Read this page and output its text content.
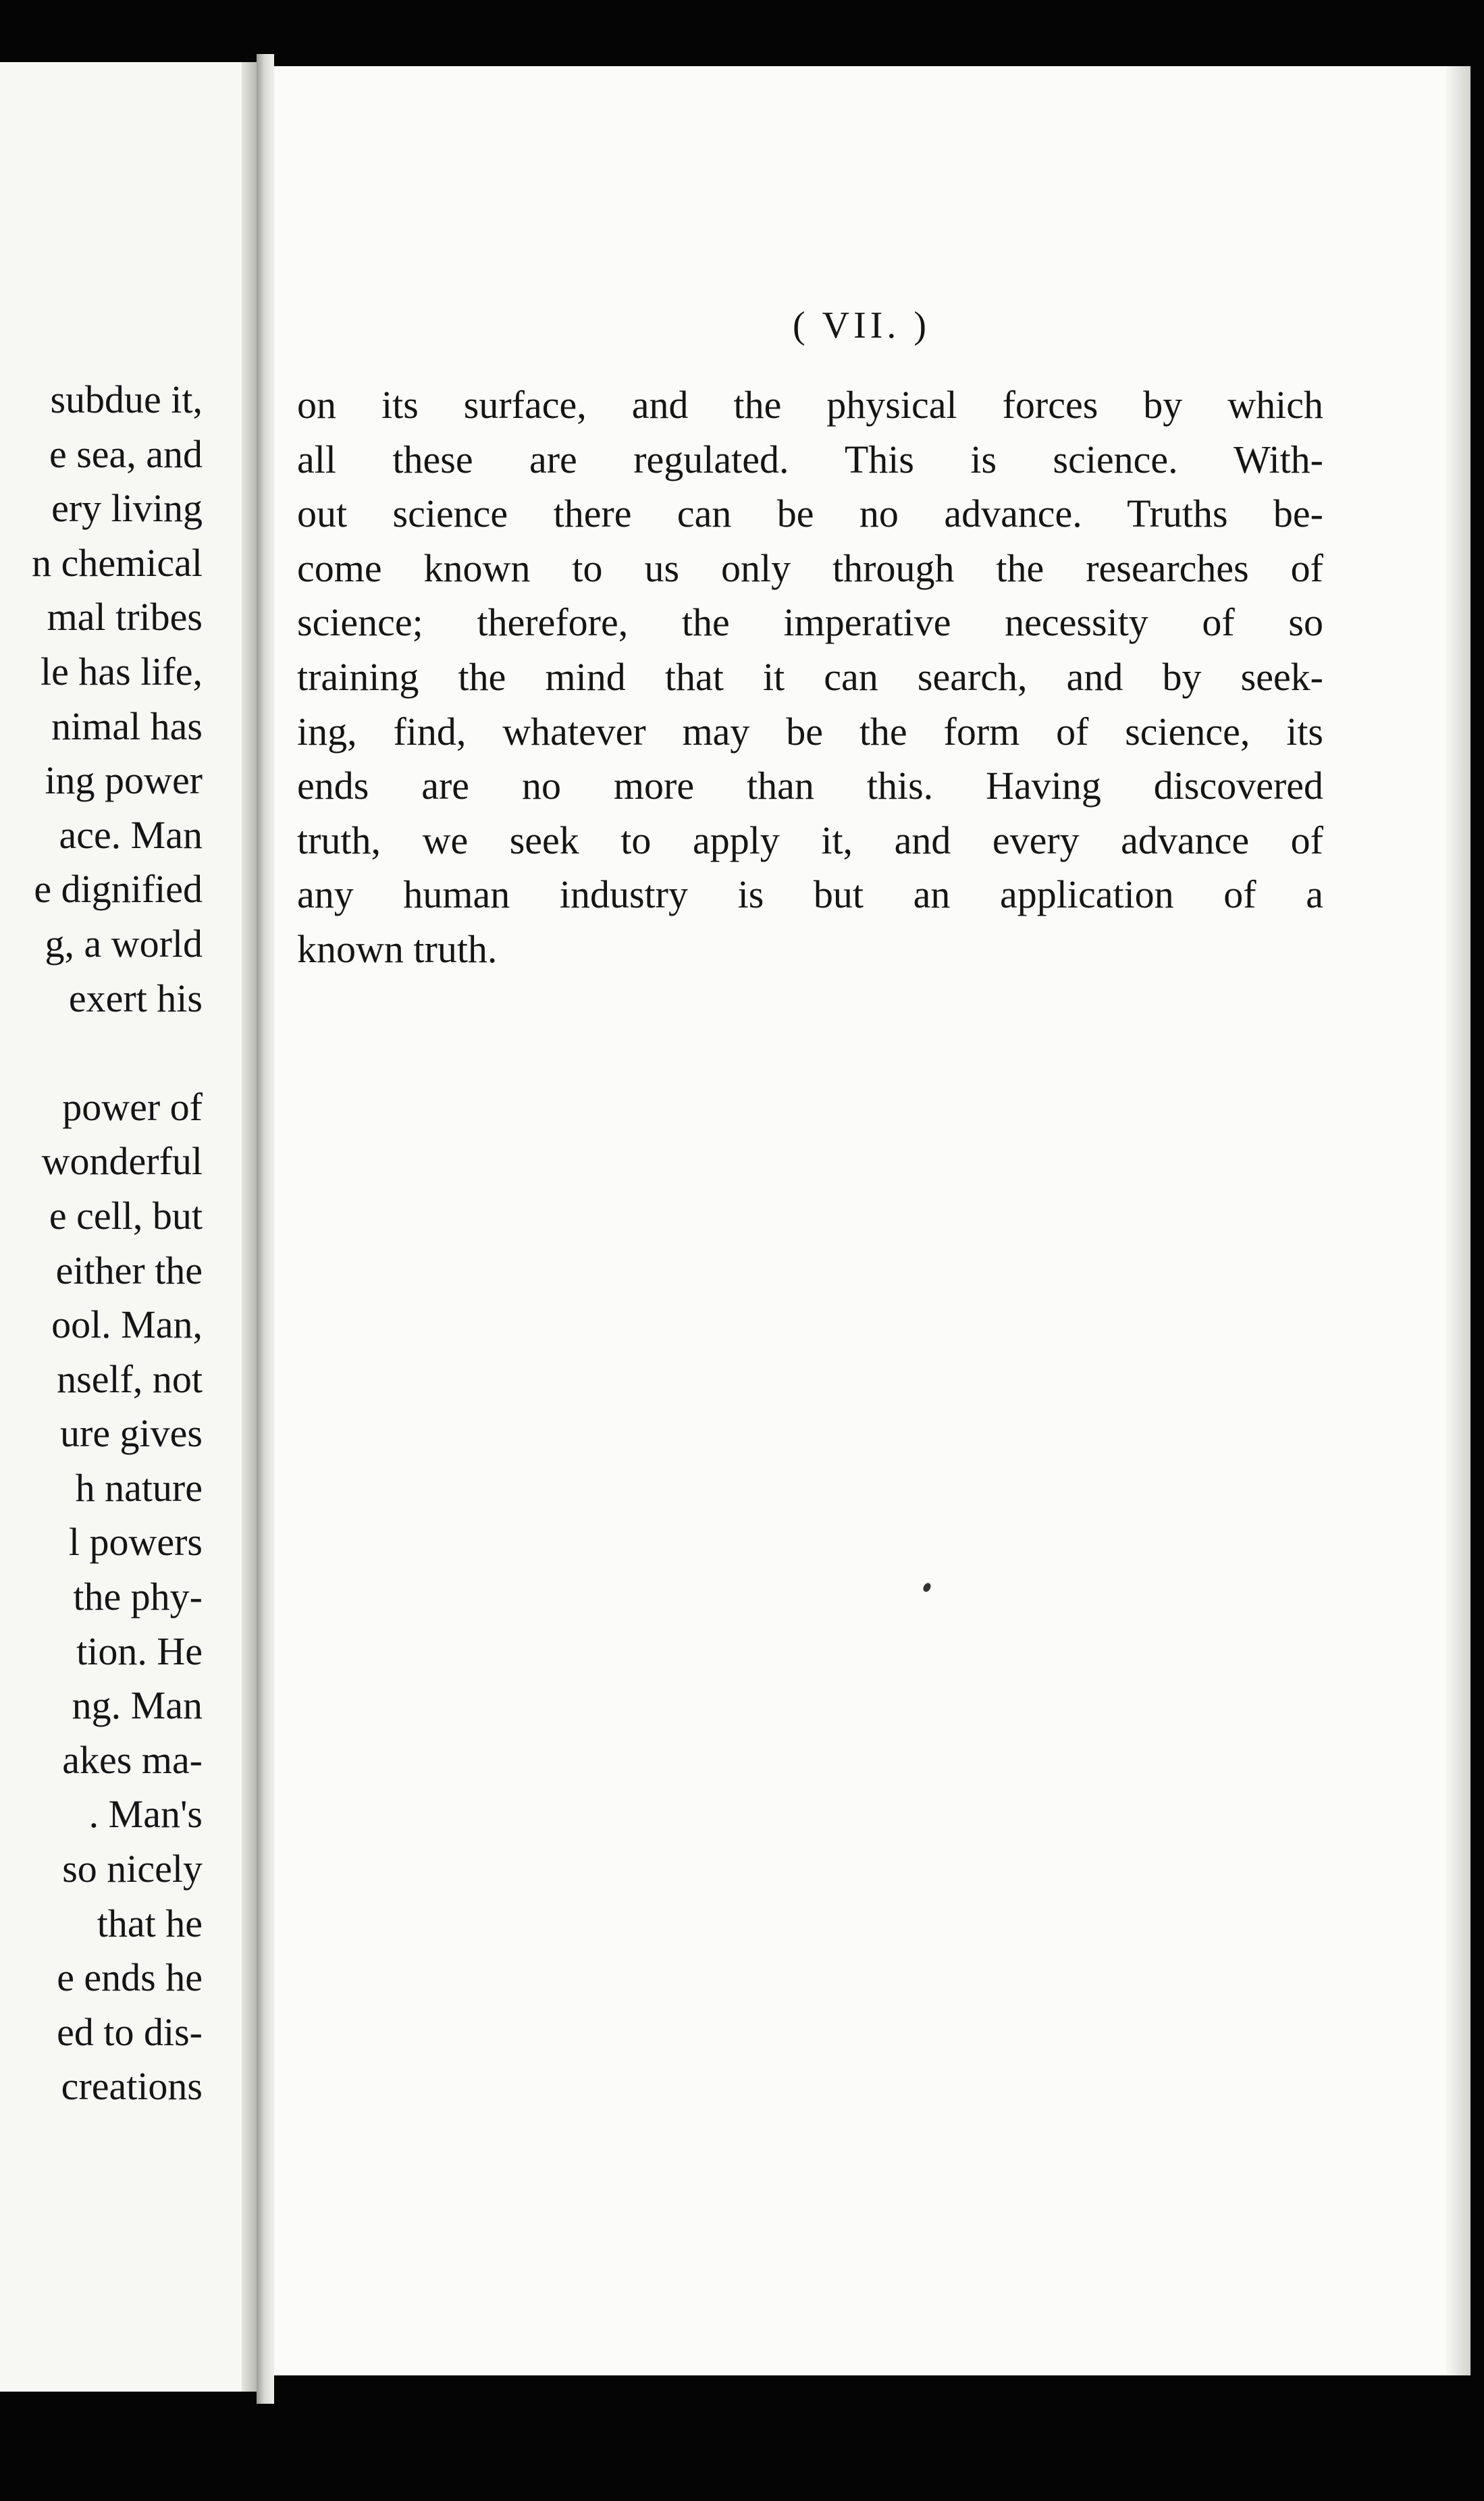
subdue it,
e sea, and
ery living
n chemical
mal tribes
le has life,
nimal has
ing power
ace. Man
e dignified
g, a world
exert his
power of
wonderful
e cell, but
either the
ool. Man,
nself, not
ure gives
h nature
l powers
the phy-
tion. He
ng. Man
akes ma-
. Man's
so nicely
that he
e ends he
ed to dis-
creations
( VII. )
on its surface, and the physical forces by which
all these are regulated. This is science. With-
out science there can be no advance. Truths be-
come known to us only through the researches of
science; therefore, the imperative necessity of so
training the mind that it can search, and by seek-
ing, find, whatever may be the form of science, its
ends are no more than this. Having discovered
truth, we seek to apply it, and every advance of
any human industry is but an application of a
known truth.
